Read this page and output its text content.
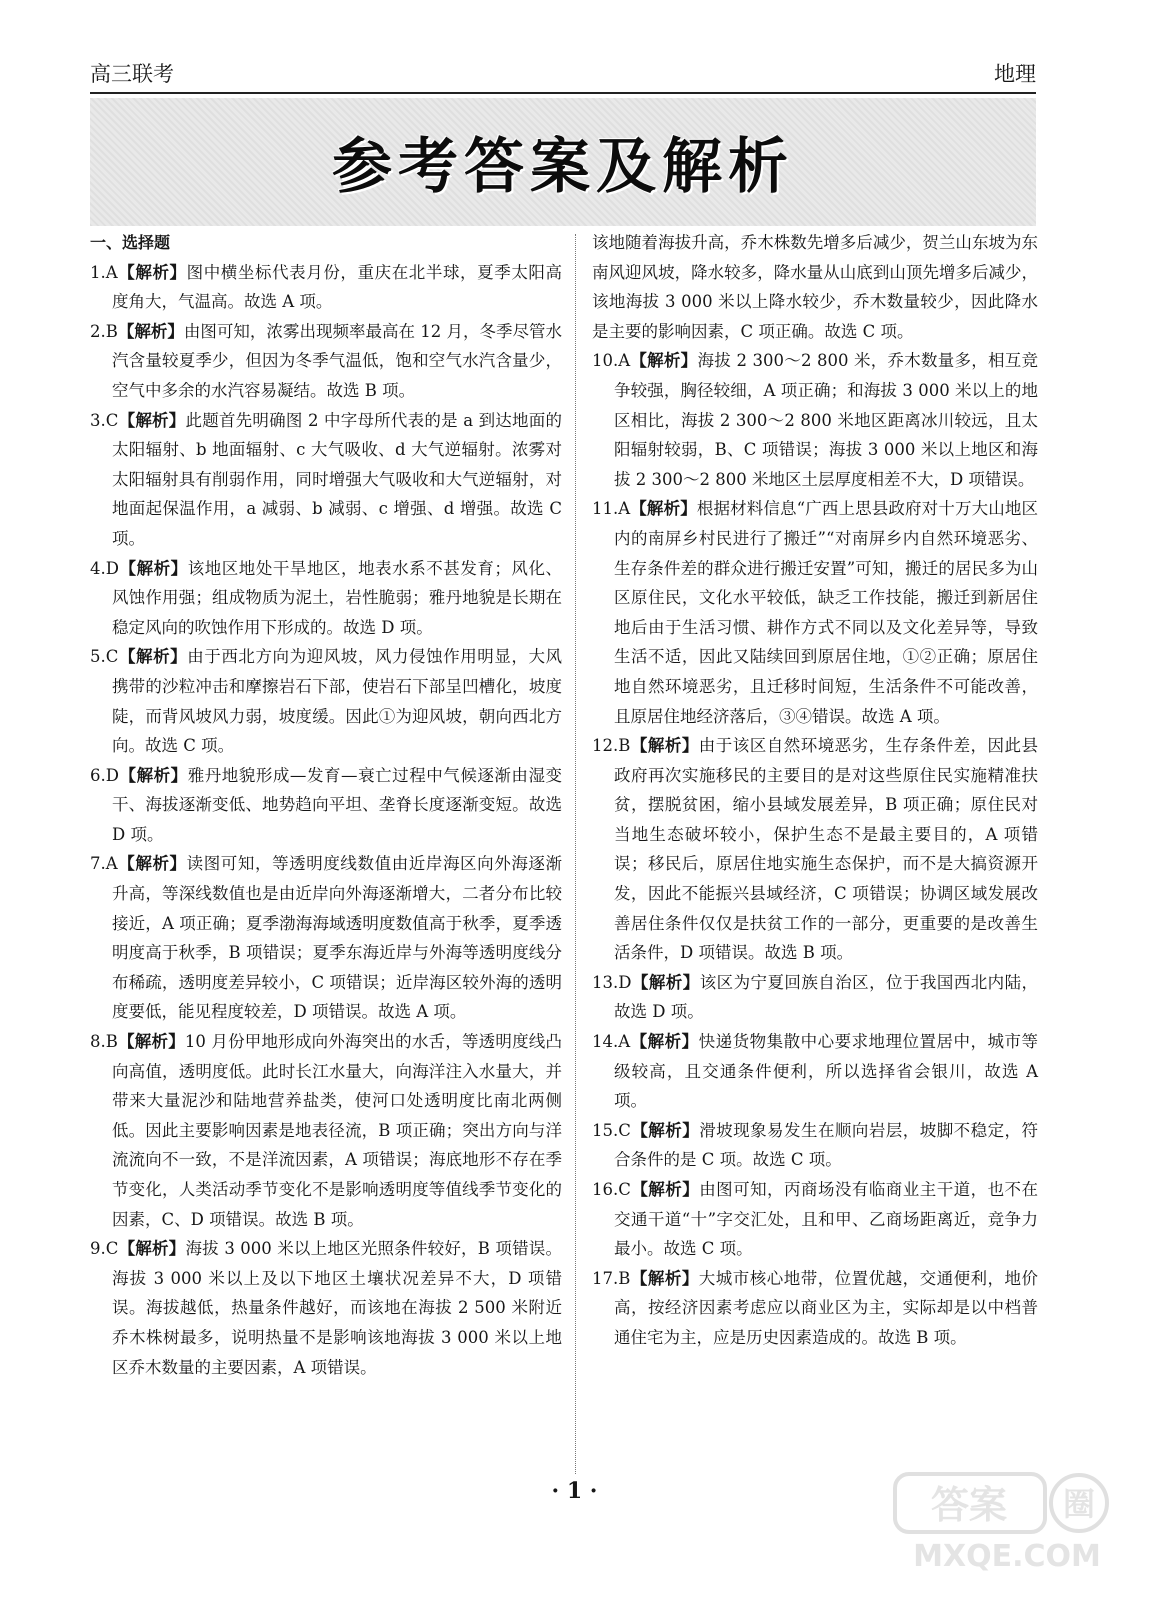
高三联考	地理
参考答案及解析
一、选择题
1.A【解析】图中横坐标代表月份，重庆在北半球，夏季太阳高度角大，气温高。故选 A 项。
2.B【解析】由图可知，浓雾出现频率最高在 12 月，冬季尽管水汽含量较夏季少，但因为冬季气温低，饱和空气水汽含量少，空气中多余的水汽容易凝结。故选 B 项。
3.C【解析】此题首先明确图 2 中字母所代表的是 a 到达地面的太阳辐射、b 地面辐射、c 大气吸收、d 大气逆辐射。浓雾对太阳辐射具有削弱作用，同时增强大气吸收和大气逆辐射，对地面起保温作用，a 减弱、b 减弱、c 增强、d 增强。故选 C 项。
4.D【解析】该地区地处干旱地区，地表水系不甚发育；风化、风蚀作用强；组成物质为泥土，岩性脆弱；雅丹地貌是长期在稳定风向的吹蚀作用下形成的。故选 D 项。
5.C【解析】由于西北方向为迎风坡，风力侵蚀作用明显，大风携带的沙粒冲击和摩擦岩石下部，使岩石下部呈凹槽化，坡度陡，而背风坡风力弱，坡度缓。因此①为迎风坡，朝向西北方向。故选 C 项。
6.D【解析】雅丹地貌形成—发育—衰亡过程中气候逐渐由湿变干、海拔逐渐变低、地势趋向平坦、垄脊长度逐渐变短。故选 D 项。
7.A【解析】读图可知，等透明度线数值由近岸海区向外海逐渐升高，等深线数值也是由近岸向外海逐渐增大，二者分布比较接近，A 项正确；夏季渤海海域透明度数值高于秋季，夏季透明度高于秋季，B 项错误；夏季东海近岸与外海等透明度线分布稀疏，透明度差异较小，C 项错误；近岸海区较外海的透明度要低，能见程度较差，D 项错误。故选 A 项。
8.B【解析】10 月份甲地形成向外海突出的水舌，等透明度线凸向高值，透明度低。此时长江水量大，向海洋注入水量大，并带来大量泥沙和陆地营养盐类，使河口处透明度比南北两侧低。因此主要影响因素是地表径流，B 项正确；突出方向与洋流流向不一致，不是洋流因素，A 项错误；海底地形不存在季节变化，人类活动季节变化不是影响透明度等值线季节变化的因素，C、D 项错误。故选 B 项。
9.C【解析】海拔 3 000 米以上地区光照条件较好，B 项错误。海拔 3 000 米以上及以下地区土壤状况差异不大，D 项错误。海拔越低，热量条件越好，而该地在海拔 2 500 米附近乔木株树最多，说明热量不是影响该地海拔 3 000 米以上地区乔木数量的主要因素，A 项错误。
该地随着海拔升高，乔木株数先增多后减少，贺兰山东坡为东南风迎风坡，降水较多，降水量从山底到山顶先增多后减少，该地海拔 3 000 米以上降水较少，乔木数量较少，因此降水是主要的影响因素，C 项正确。故选 C 项。
10.A【解析】海拔 2 300～2 800 米，乔木数量多，相互竞争较强，胸径较细，A 项正确；和海拔 3 000 米以上的地区相比，海拔 2 300～2 800 米地区距离冰川较远，且太阳辐射较弱，B、C 项错误；海拔 3 000 米以上地区和海拔 2 300～2 800 米地区土层厚度相差不大，D 项错误。
11.A【解析】根据材料信息“广西上思县政府对十万大山地区内的南屏乡村民进行了搬迁”“对南屏乡内自然环境恶劣、生存条件差的群众进行搬迁安置”可知，搬迁的居民多为山区原住民，文化水平较低，缺乏工作技能，搬迁到新居住地后由于生活习惯、耕作方式不同以及文化差异等，导致生活不适，因此又陆续回到原居住地，①②正确；原居住地自然环境恶劣，且迁移时间短，生活条件不可能改善，且原居住地经济落后，③④错误。故选 A 项。
12.B【解析】由于该区自然环境恶劣，生存条件差，因此县政府再次实施移民的主要目的是对这些原住民实施精准扶贫，摆脱贫困，缩小县域发展差异，B 项正确；原住民对当地生态破坏较小，保护生态不是最主要目的，A 项错误；移民后，原居住地实施生态保护，而不是大搞资源开发，因此不能振兴县域经济，C 项错误；协调区域发展改善居住条件仅仅是扶贫工作的一部分，更重要的是改善生活条件，D 项错误。故选 B 项。
13.D【解析】该区为宁夏回族自治区，位于我国西北内陆，故选 D 项。
14.A【解析】快递货物集散中心要求地理位置居中，城市等级较高，且交通条件便利，所以选择省会银川，故选 A 项。
15.C【解析】滑坡现象易发生在顺向岩层，坡脚不稳定，符合条件的是 C 项。故选 C 项。
16.C【解析】由图可知，丙商场没有临商业主干道，也不在交通干道“十”字交汇处，且和甲、乙商场距离近，竞争力最小。故选 C 项。
17.B【解析】大城市核心地带，位置优越，交通便利，地价高，按经济因素考虑应以商业区为主，实际却是以中档普通住宅为主，应是历史因素造成的。故选 B 项。
· 1 ·	答案 圈
MXQE.COM
